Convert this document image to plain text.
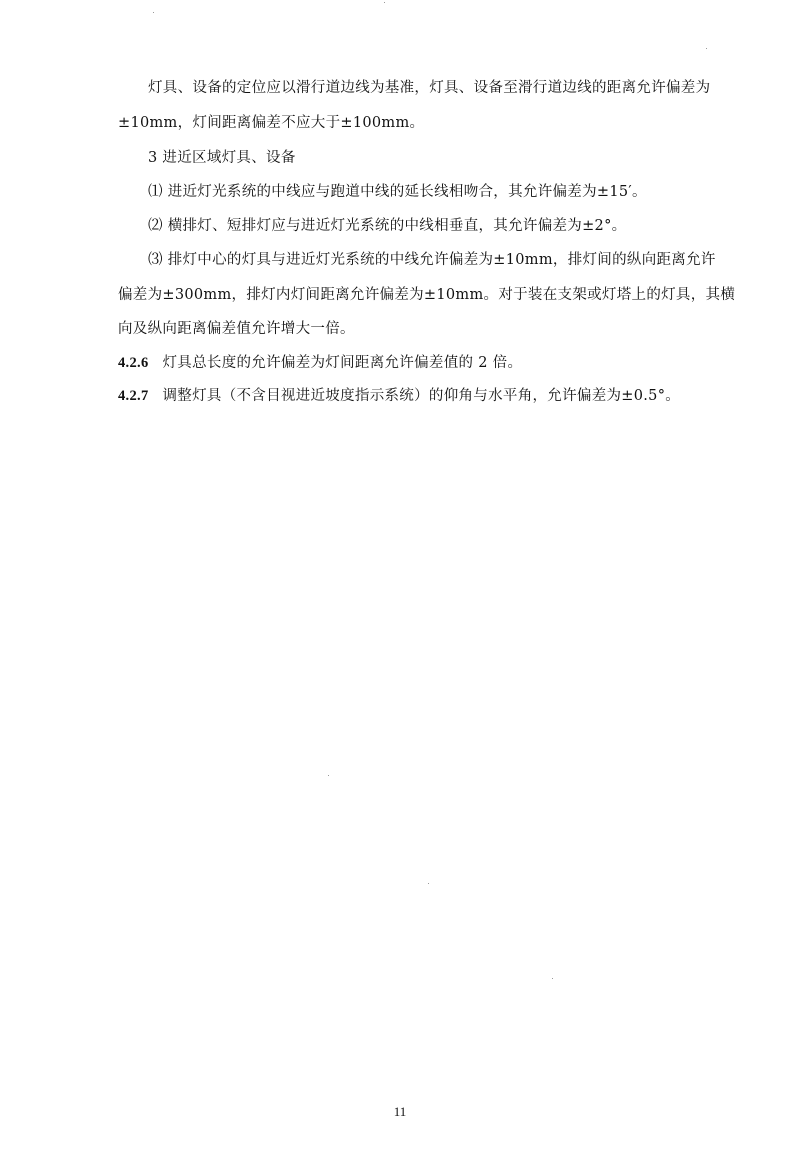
灯具、设备的定位应以滑行道边线为基准，灯具、设备至滑行道边线的距离允许偏差为
±10mm，灯间距离偏差不应大于±100mm。
3 进近区域灯具、设备
⑴ 进近灯光系统的中线应与跑道中线的延长线相吻合，其允许偏差为±15′。
⑵ 横排灯、短排灯应与进近灯光系统的中线相垂直，其允许偏差为±2°。
⑶ 排灯中心的灯具与进近灯光系统的中线允许偏差为±10mm，排灯间的纵向距离允许
偏差为±300mm，排灯内灯间距离允许偏差为±10mm。对于装在支架或灯塔上的灯具，其横
向及纵向距离偏差值允许增大一倍。
4.2.6 灯具总长度的允许偏差为灯间距离允许偏差值的 2 倍。
4.2.7 调整灯具（不含目视进近坡度指示系统）的仰角与水平角，允许偏差为±0.5°。
11
